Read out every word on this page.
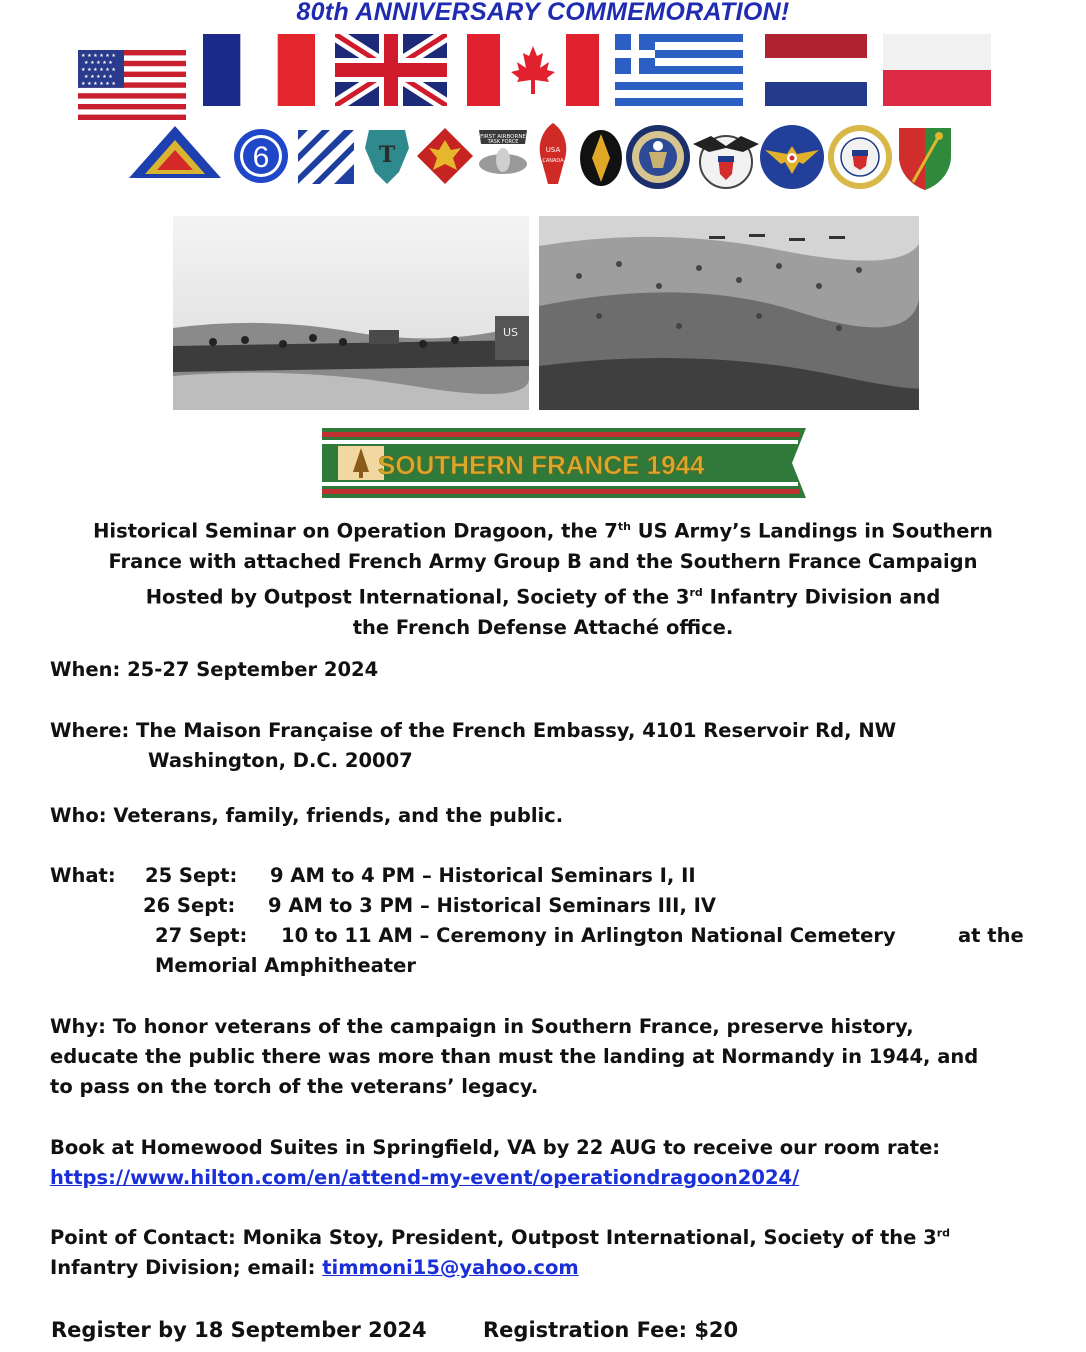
80th ANNIVERSARY COMMEMORATION!
★ ★ ★ ★ ★ ★
★ ★ ★ ★ ★
★ ★ ★ ★ ★ ★
★ ★ ★ ★ ★
★ ★ ★ ★ ★ ★
6	T
FIRST AIRBORNE
TASK FORCE
USA
CANADA
US
SOUTHERN FRANCE 1944
Historical Seminar on Operation Dragoon, the 7th US Army’s Landings in Southern
France with attached French Army Group B and the Southern France Campaign
Hosted by Outpost International, Society of the 3rd Infantry Division and
the French Defense Attaché office.
When: 25-27 September 2024
Where: The Maison Française of the French Embassy, 4101 Reservoir Rd, NW
Washington, D.C. 20007
Who: Veterans, family, friends, and the public.
What: 25 Sept: 9 AM to 4 PM – Historical Seminars I, II
26 Sept: 9 AM to 3 PM – Historical Seminars III, IV
27 Sept: 10 to 11 AM – Ceremony in Arlington National Cemetery	at the
Memorial Amphitheater
Why: To honor veterans of the campaign in Southern France, preserve history,
educate the public there was more than must the landing at Normandy in 1944, and
to pass on the torch of the veterans’ legacy.
Book at Homewood Suites in Springfield, VA by 22 AUG to receive our room rate:
https://www.hilton.com/en/attend-my-event/operationdragoon2024/
Point of Contact: Monika Stoy, President, Outpost International, Society of the 3rd
Infantry Division; email: timmoni15@yahoo.com
Register by 18 September 2024	Registration Fee: $20
